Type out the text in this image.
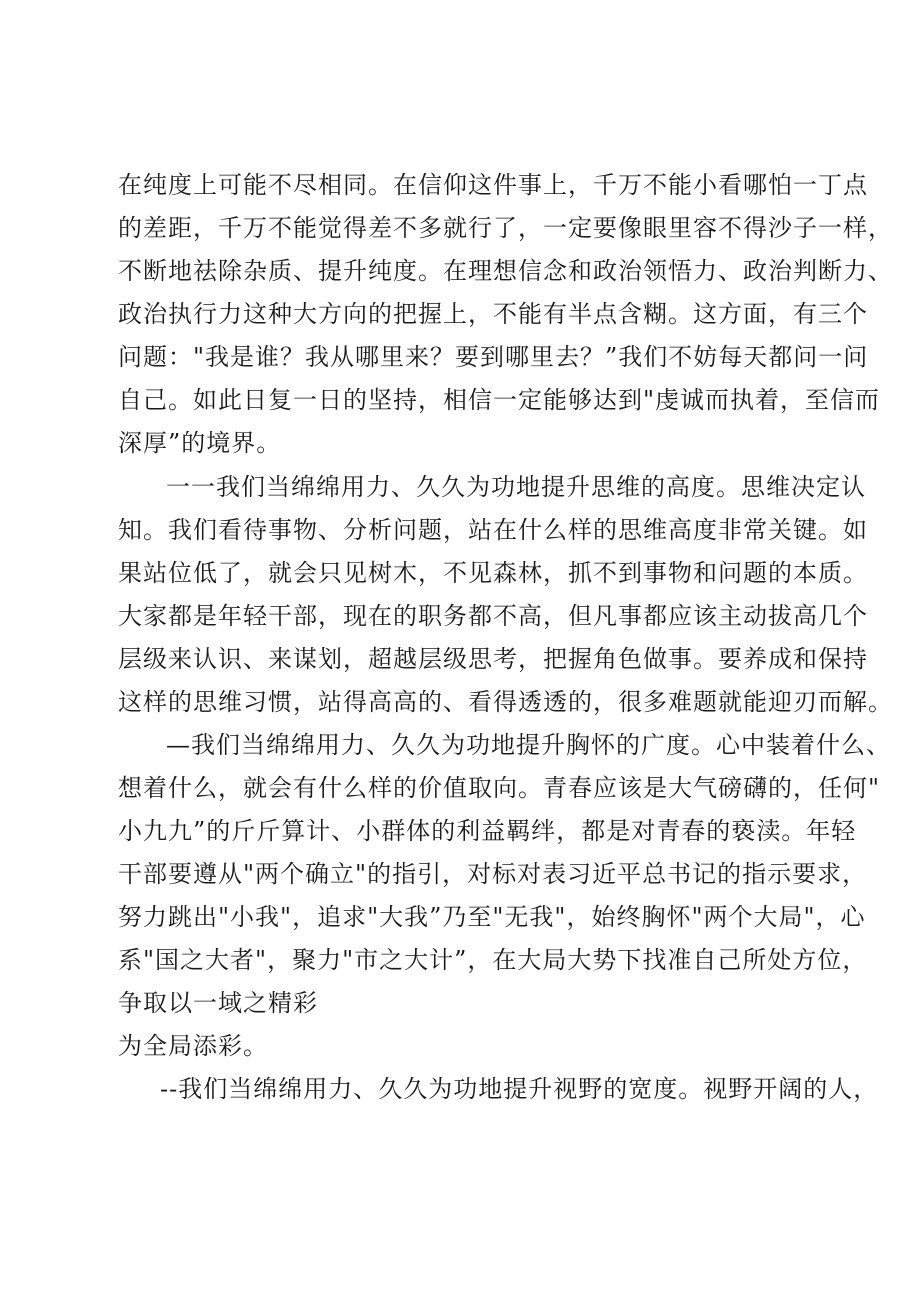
在纯度上可能不尽相同。在信仰这件事上，千万不能小看哪怕一丁点
的差距，千万不能觉得差不多就行了，一定要像眼里容不得沙子一样，
不断地祛除杂质、提升纯度。在理想信念和政治领悟力、政治判断力、
政治执行力这种大方向的把握上，不能有半点含糊。这方面，有三个
问题："我是谁？我从哪里来？要到哪里去？”我们不妨每天都问一问
自己。如此日复一日的坚持，相信一定能够达到"虔诚而执着，至信而
深厚”的境界。
一一我们当绵绵用力、久久为功地提升思维的高度。思维决定认
知。我们看待事物、分析问题，站在什么样的思维高度非常关键。如
果站位低了，就会只见树木，不见森林，抓不到事物和问题的本质。
大家都是年轻干部，现在的职务都不高，但凡事都应该主动拔高几个
层级来认识、来谋划，超越层级思考，把握角色做事。要养成和保持
这样的思维习惯，站得高高的、看得透透的，很多难题就能迎刃而解。
—我们当绵绵用力、久久为功地提升胸怀的广度。心中装着什么、
想着什么，就会有什么样的价值取向。青春应该是大气磅礴的，任何"
小九九”的斤斤算计、小群体的利益羁绊，都是对青春的亵渎。年轻
干部要遵从"两个确立"的指引，对标对表习近平总书记的指示要求，
努力跳出"小我"，追求"大我”乃至"无我"，始终胸怀"两个大局"，心
系"国之大者"，聚力"市之大计”，在大局大势下找准自己所处方位，
争取以一域之精彩
为全局添彩。
--我们当绵绵用力、久久为功地提升视野的宽度。视野开阔的人，
